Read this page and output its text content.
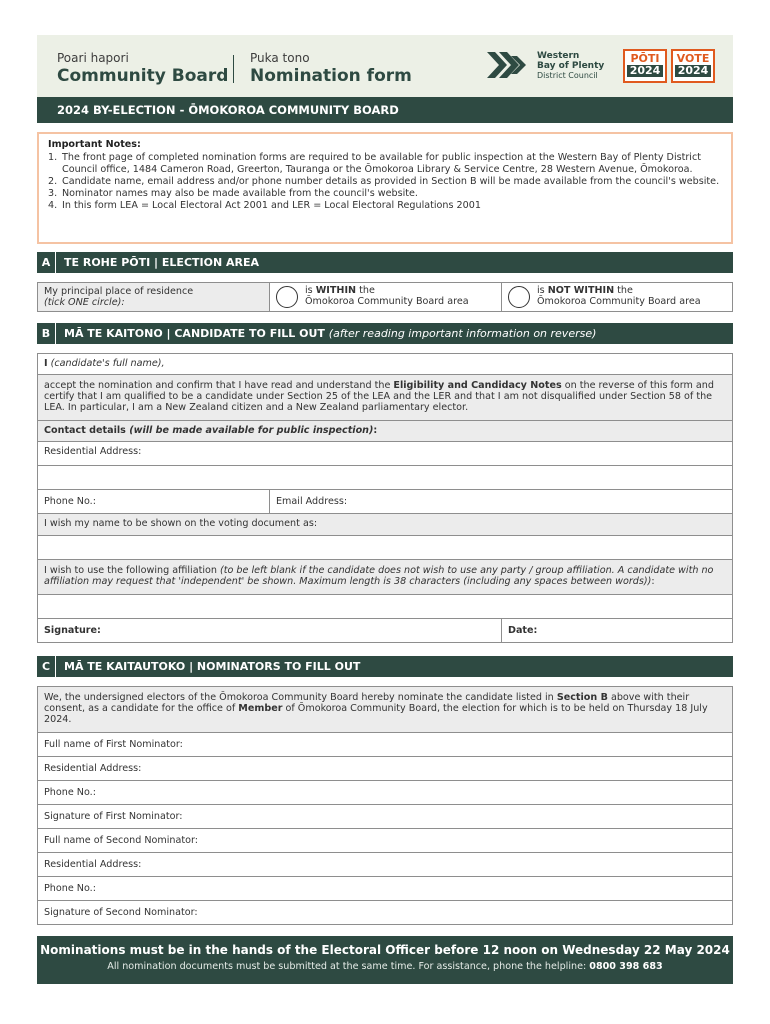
Poari hapori
Community Board
Puka tono
Nomination form
Western
Bay of Plenty
District Council
PŌTI
2024
VOTE
2024
2024 BY-ELECTION - ŌMOKOROA COMMUNITY BOARD
Important Notes:
1. The front page of completed nomination forms are required to be available for public inspection at the Western Bay of Plenty District Council office, 1484 Cameron Road, Greerton, Tauranga or the Ōmokoroa Library & Service Centre, 28 Western Avenue, Ōmokoroa.
2. Candidate name, email address and/or phone number details as provided in Section B will be made available from the council's website.
3. Nominator names may also be made available from the council's website.
4. In this form LEA = Local Electoral Act 2001 and LER = Local Electoral Regulations 2001
A	TE ROHE PŌTI | ELECTION AREA
My principal place of residence
(tick ONE circle):
is WITHIN the
Ōmokoroa Community Board area
is NOT WITHIN the
Ōmokoroa Community Board area
B	MĀ TE KAITONO | CANDIDATE TO FILL OUT (after reading important information on reverse)
I (candidate's full name),
accept the nomination and confirm that I have read and understand the Eligibility and Candidacy Notes on the reverse of this form and certify that I am qualified to be a candidate under Section 25 of the LEA and the LER and that I am not disqualified under Section 58 of the LEA. In particular, I am a New Zealand citizen and a New Zealand parliamentary elector.
Contact details (will be made available for public inspection):
Residential Address:
Phone No.:	Email Address:
I wish my name to be shown on the voting document as:
I wish to use the following affiliation (to be left blank if the candidate does not wish to use any party / group affiliation. A candidate with no affiliation may request that 'independent' be shown. Maximum length is 38 characters (including any spaces between words)):
Signature:	Date:
C	MĀ TE KAITAUTOKO | NOMINATORS TO FILL OUT
We, the undersigned electors of the Ōmokoroa Community Board hereby nominate the candidate listed in Section B above with their consent, as a candidate for the office of Member of Ōmokoroa Community Board, the election for which is to be held on Thursday 18 July 2024.
Full name of First Nominator:
Residential Address:
Phone No.:
Signature of First Nominator:
Full name of Second Nominator:
Residential Address:
Phone No.:
Signature of Second Nominator:
Nominations must be in the hands of the Electoral Officer before 12 noon on Wednesday 22 May 2024
All nomination documents must be submitted at the same time. For assistance, phone the helpline: 0800 398 683
